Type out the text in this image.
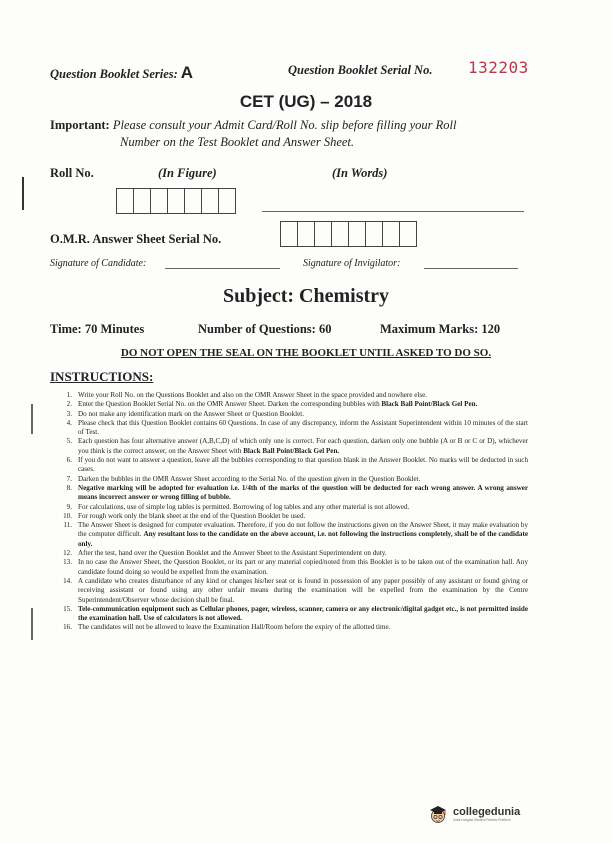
Question Booklet Series: A	Question Booklet Serial No. 132203
CET (UG) – 2018
Important: Please consult your Admit Card/Roll No. slip before filling your Roll
Number on the Test Booklet and Answer Sheet.
Roll No.	(In Figure)	(In Words)
O.M.R. Answer Sheet Serial No.
Signature of Candidate:	Signature of Invigilator:
Subject: Chemistry
Time: 70 Minutes	Number of Questions: 60	Maximum Marks: 120
DO NOT OPEN THE SEAL ON THE BOOKLET UNTIL ASKED TO DO SO.
INSTRUCTIONS:
1. Write your Roll No. on the Questions Booklet and also on the OMR Answer Sheet in the space provided and nowhere else.
2. Enter the Question Booklet Serial No. on the OMR Answer Sheet. Darken the corresponding bubbles with Black Ball Point/Black Gel Pen.
3. Do not make any identification mark on the Answer Sheet or Question Booklet.
4. Please check that this Question Booklet contains 60 Questions. In case of any discrepancy, inform the Assistant Superintendent within 10 minutes of the start of Test.
5. Each question has four alternative answer (A,B,C,D) of which only one is correct. For each question, darken only one bubble (A or B or C or D), whichever you think is the correct answer, on the Answer Sheet with Black Ball Point/Black Gel Pen.
6. If you do not want to answer a question, leave all the bubbles corresponding to that question blank in the Answer Booklet. No marks will be deducted in such cases.
7. Darken the bubbles in the OMR Answer Sheet according to the Serial No. of the question given in the Question Booklet.
8. Negative marking will be adopted for evaluation i.e. 1/4th of the marks of the question will be deducted for each wrong answer. A wrong answer means incorrect answer or wrong filling of bubble.
9. For calculations, use of simple log tables is permitted. Borrowing of log tables and any other material is not allowed.
10. For rough work only the blank sheet at the end of the Question Booklet be used.
11. The Answer Sheet is designed for computer evaluation. Therefore, if you do not follow the instructions given on the Answer Sheet, it may make evaluation by the computer difficult. Any resultant loss to the candidate on the above account, i.e. not following the instructions completely, shall be of the candidate only.
12. After the test, hand over the Question Booklet and the Answer Sheet to the Assistant Superintendent on duty.
13. In no case the Answer Sheet, the Question Booklet, or its part or any material copied/noted from this Booklet is to be taken out of the examination hall. Any candidate found doing so would be expelled from the examination.
14. A candidate who creates disturbance of any kind or changes his/her seat or is found in possession of any paper possibly of any assistant or found giving or receiving assistant or found using any other unfair means during the examination will be expelled from the examination by the Centre Superintendent/Observer whose decision shall be final.
15. Tele-communication equipment such as Cellular phones, pager, wireless, scanner, camera or any electronic/digital gadget etc., is not permitted inside the examination hall. Use of calculators is not allowed.
16. The candidates will not be allowed to leave the Examination Hall/Room before the expiry of the allotted time.
collegedunia
India's largest Student Review Platform
